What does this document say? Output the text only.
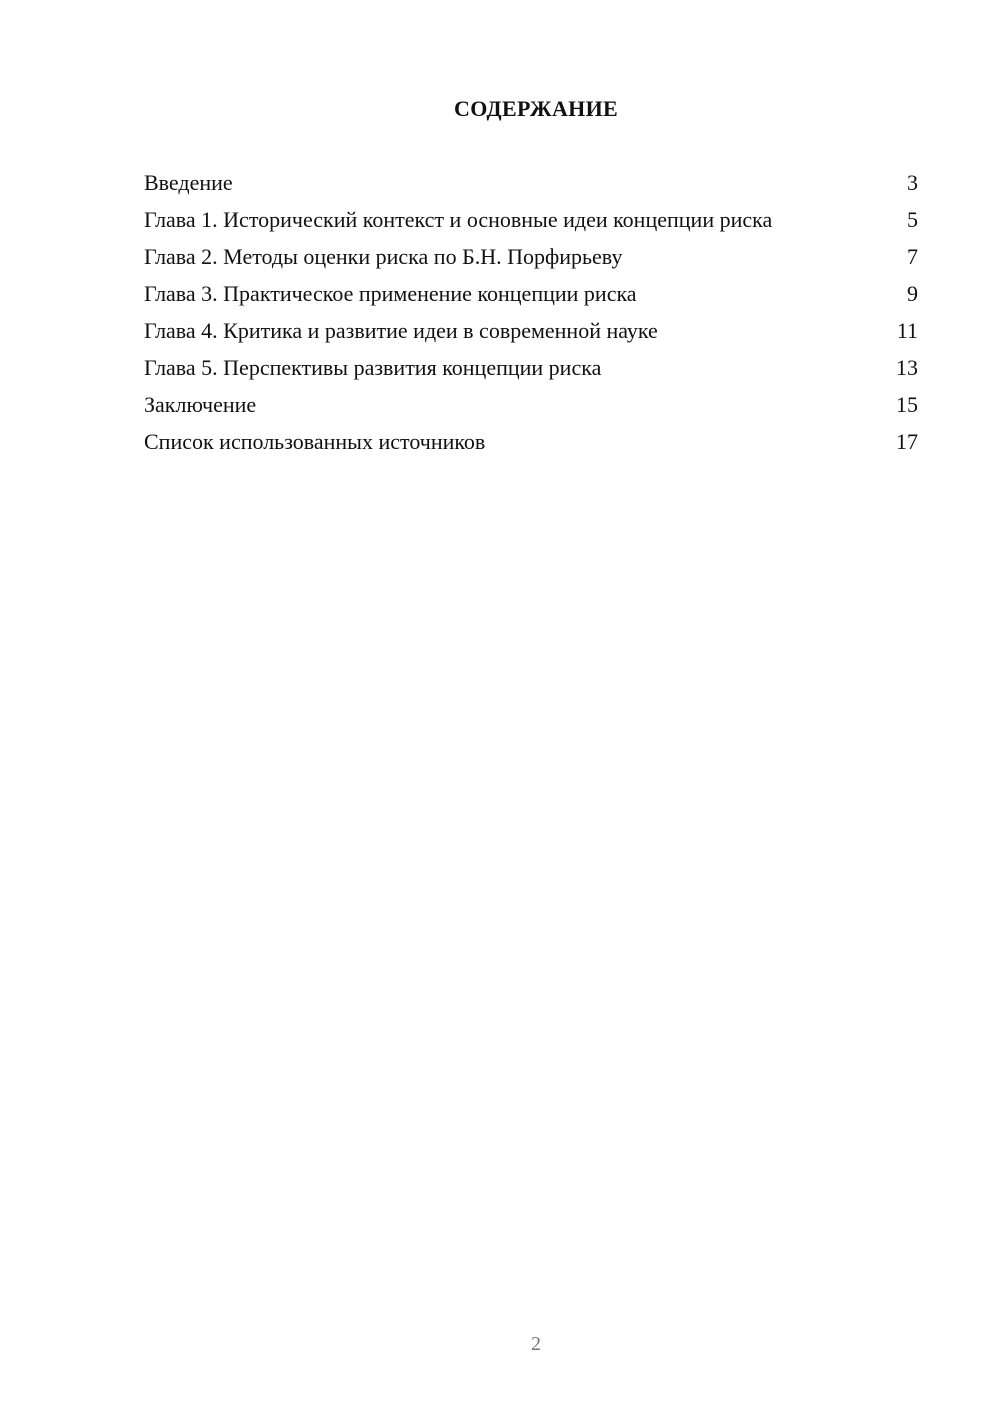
СОДЕРЖАНИЕ
Введение	3
Глава 1. Исторический контекст и основные идеи концепции риска	5
Глава 2. Методы оценки риска по Б.Н. Порфирьеву	7
Глава 3. Практическое применение концепции риска	9
Глава 4. Критика и развитие идеи в современной науке	11
Глава 5. Перспективы развития концепции риска	13
Заключение	15
Список использованных источников	17
2
